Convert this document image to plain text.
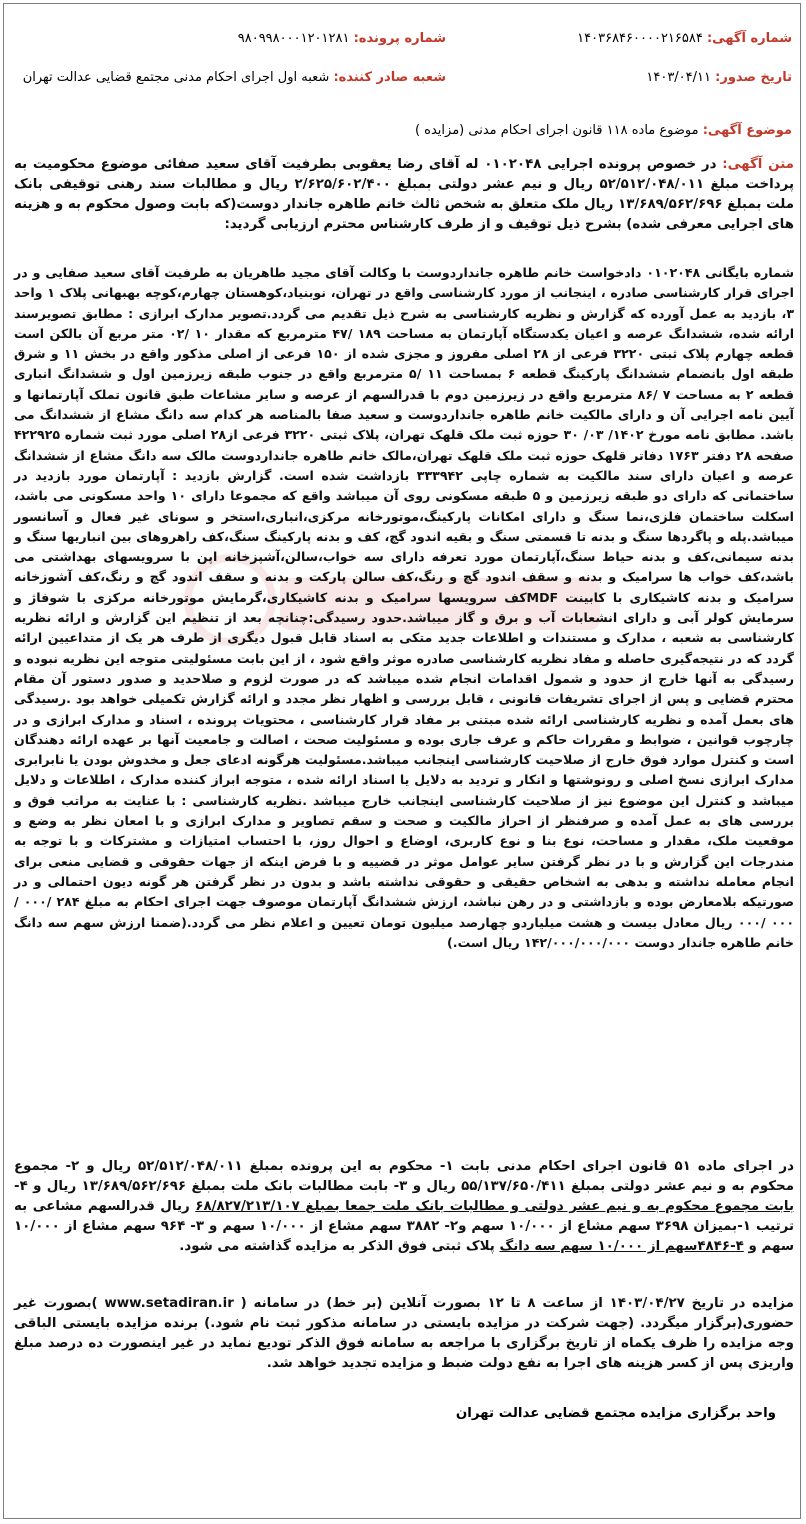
شماره آگهی: ۱۴۰۳۶۸۴۶۰۰۰۰۲۱۶۵۸۴
شماره پرونده: ۹۸۰۹۹۸۰۰۰۱۲۰۱۲۸۱
تاریخ صدور: ۱۴۰۳/۰۴/۱۱
شعبه صادر کننده: شعبه اول اجرای احکام مدنی مجتمع قضایی عدالت تهران
موضوع آگهی: موضوع ماده ۱۱۸ قانون اجرای احکام مدنی (مزایده )
متن آگهی: در خصوص پرونده اجرایی ۰۱۰۲۰۴۸ له آقای رضا یعقوبی بطرفیت آقای سعید صفائی موضوع محکومیت به پرداخت مبلغ ۵۲/۵۱۲/۰۴۸/۰۱۱ ریال و نیم عشر دولتی بمبلغ ۲/۶۲۵/۶۰۲/۴۰۰ ریال و مطالبات سند رهنی توقیفی بانک ملت بمبلغ ۱۳/۶۸۹/۵۶۲/۶۹۶ ریال ملک متعلق به شخص ثالث خانم طاهره جاندار دوست(که بابت وصول محکوم به و هزینه های اجرایی معرفی شده) بشرح ذیل توقیف و از طرف کارشناس محترم ارزیابی گردید:
شماره بایگانی ۰۱۰۲۰۴۸ دادخواست خانم طاهره جاندار‌دوست با وکالت آقای مجید طاهریان به طرفیت آقای سعید صفایی و در اجرای قرار کارشناسی صادره ، اینجانب از مورد کارشناسی واقع در تهران، نوبنیاد،کوهستان چهارم،کوچه بهبهانی پلاک ۱ واحد ۳، بازدید به عمل آورده که گزارش و نظریه کارشناسی به شرح ذیل تقدیم می گردد.تصویر مدارک ابرازی : مطابق تصویرسند ارائه شده، ششدانگ عرصه و اعیان یکدستگاه آپارتمان به مساحت ۱۸۹ /۴۷ مترمربع که مقدار ۱۰ /۰۲ متر مربع آن بالکن است قطعه چهارم پلاک ثبتی ۳۲۲۰ فرعی از ۲۸ اصلی مفروز و مجزی شده از ۱۵۰ فرعی از اصلی مذکور واقع در بخش ۱۱ و شرق طبقه اول بانضمام ششدانگ پارکینگ قطعه ۶ بمساحت ۱۱ /۵ مترمربع واقع در جنوب طبقه زیرزمین اول و ششدانگ انباری قطعه ۲ به مساحت ۷ /۸۶ مترمربع واقع در زیرزمین دوم با قدرالسهم از عرصه و سایر مشاعات طبق قانون تملک آپارتمانها و آیین نامه اجرایی آن و دارای مالکیت خانم طاهره جاندار‌دوست و سعید صفا بالمناصه هر کدام سه دانگ مشاع از ششدانگ می باشد. مطابق نامه مورخ ۱۴۰۲/ ۰۳/ ۳۰ حوزه ثبت ملک قلهک تهران، پلاک ثبتی ۳۲۲۰ فرعی از۲۸ اصلی مورد ثبت شماره ۴۲۲۹۲۵ صفحه ۲۸ دفتر ۱۷۶۳ دفاتر قلهک حوزه ثبت ملک قلهک تهران،مالک خانم طاهره جاندار‌دوست مالک سه دانگ مشاع از ششدانگ عرصه و اعیان دارای سند مالکیت به شماره چاپی ۳۳۳۹۴۲ بازداشت شده است. گزارش بازدید : آپارتمان مورد بازدید در ساختمانی که دارای دو طبقه زیرزمین و ۵ طبقه مسکونی روی آن میباشد واقع که مجموعا دارای ۱۰ واحد مسکونی می باشد، اسکلت ساختمان فلزی،نما سنگ و دارای امکانات پارکینگ،موتورخانه مرکزی،انباری،استخر و سونای غیر فعال و آسانسور میباشد.پله و پاگردها سنگ و بدنه تا قسمتی سنگ و بقیه اندود گچ، کف و بدنه پارکینگ سنگ،کف راهروهای بین انباریها سنگ و بدنه سیمانی،کف و بدنه حیاط سنگ،آپارتمان مورد تعرفه دارای سه خواب،سالن،آشپزخانه اپن با سرویسهای بهداشتی می باشد،کف خواب ها سرامیک و بدنه و سقف اندود گچ و رنگ،کف سالن پارکت و بدنه و سقف اندود گچ و رنگ،کف آشوزخانه سرامیک و بدنه کاشیکاری با کابینت MDFکف سرویسها سرامیک و بدنه کاشیکاری،گرمایش موتورخانه مرکزی با شوفاژ و سرمایش کولر آبی و دارای انشعابات آب و برق و گاز میباشد.حدود رسیدگی:چنانچه بعد از تنظیم این گزارش و ارائه نظریه کارشناسی به شعبه ، مدارک و مستندات و اطلاعات جدید متکی به اسناد قابل قبول دیگری از طرف هر یک از متداعیین ارائه گردد که در نتیجه‌گیری حاصله و مفاد نظریه کارشناسی صادره موثر واقع شود ، از این بابت مسئولیتی متوجه این نظریه نبوده و رسیدگی به آنها خارج از حدود و شمول اقدامات انجام شده میباشد که در صورت لزوم و صلاحدید و صدور دستور آن مقام محترم قضایی و پس از اجرای تشریفات قانونی ، قابل بررسی و اظهار نظر مجدد و ارائه گزارش تکمیلی خواهد بود .رسیدگی های بعمل آمده و نظریه کارشناسی ارائه شده مبتنی بر مفاد قرار کارشناسی ، محتویات پرونده ، اسناد و مدارک ابرازی و در چارچوب قوانین ، ضوابط و مقررات حاکم و عرف جاری بوده و مسئولیت صحت ، اصالت و جامعیت آنها بر عهده ارائه دهندگان است و کنترل موارد فوق خارج از صلاحیت کارشناسی اینجانب میباشد.مسئولیت هرگونه ادعای جعل و مخدوش بودن یا نابرابری مدارک ابرازی نسخ اصلی و رونوشتها و انکار و تردید به دلایل یا اسناد ارائه شده ، متوجه ابراز کننده مدارک ، اطلاعات و دلایل میباشد و کنترل این موضوع نیز از صلاحیت کارشناسی اینجانب خارج میباشد .نظریه کارشناسی : با عنایت به مراتب فوق و بررسی های به عمل آمده و صرفنظر از احراز مالکیت و صحت و سقم تصاویر و مدارک ابرازی و با امعان نظر به وضع و موقعیت ملک، مقدار و مساحت، نوع بنا و نوع کاربری، اوضاع و احوال روز، با احتساب امتیازات و مشترکات و با توجه به مندرجات این گزارش و با در نظر گرفتن سایر عوامل موثر در قضییه و با فرض اینکه از جهات حقوقی و قضایی منعی برای انجام معامله نداشته و بدهی به اشخاص حقیقی و حقوقی نداشته باشد و بدون در نظر گرفتن هر گونه دیون احتمالی و در صورتیکه بلامعارض بوده و بازداشتی و در رهن نباشد، ارزش ششدانگ آپارتمان موصوف جهت اجرای احکام به مبلغ ۲۸۴ /۰۰۰ /۰۰۰ /۰۰۰ ریال معادل بیست و هشت میلیاردو چهارصد میلیون تومان تعیین و اعلام نظر می گردد.(ضمنا ارزش سهم سه دانگ خانم طاهره جاندار دوست ۱۴۲/۰۰۰/۰۰۰/۰۰۰ ریال است.)
در اجرای ماده ۵۱ قانون اجرای احکام مدنی بابت ۱- محکوم به این پرونده بمبلغ ۵۲/۵۱۲/۰۴۸/۰۱۱ ریال و ۲- مجموع محکوم به و نیم عشر دولتی بمبلغ ۵۵/۱۳۷/۶۵۰/۴۱۱ ریال و ۳- بابت مطالبات بانک ملت بمبلغ ۱۳/۶۸۹/۵۶۲/۶۹۶ ریال و ۴- بابت مجموع محکوم به و نیم عشر دولتی و مطالبات بانک ملت جمعا بمبلغ ۶۸/۸۲۷/۲۱۳/۱۰۷ ریال قدرالسهم مشاعی به ترتیب ۱-بمیزان ۳۶۹۸ سهم مشاع از ۱۰/۰۰۰ سهم و۲- ۳۸۸۲ سهم مشاع از ۱۰/۰۰۰ سهم و ۳- ۹۶۴ سهم مشاع از ۱۰/۰۰۰ سهم و ۴-۴۸۴۶سهم از ۱۰/۰۰۰ سهم سه دانگ پلاک ثبتی فوق الذکر به مزایده گذاشته می شود.
مزایده در تاریخ ۱۴۰۳/۰۴/۲۷ از ساعت ۸ تا ۱۲ بصورت آنلاین (بر خط) در سامانه ( www.setadiran.ir )بصورت غیر حضوری(برگزار میگردد. (جهت شرکت در مزایده بایستی در سامانه مذکور ثبت نام شود.) برنده مزایده بایستی الباقی وجه مزایده را ظرف یکماه از تاریخ برگزاری با مراجعه به سامانه فوق الذکر تودیع نماید در غیر اینصورت ده درصد مبلغ واریزی پس از کسر هزینه های اجرا به نفع دولت ضبط و مزایده تجدید خواهد شد.
واحد برگزاری مزایده مجتمع قضایی عدالت تهران
